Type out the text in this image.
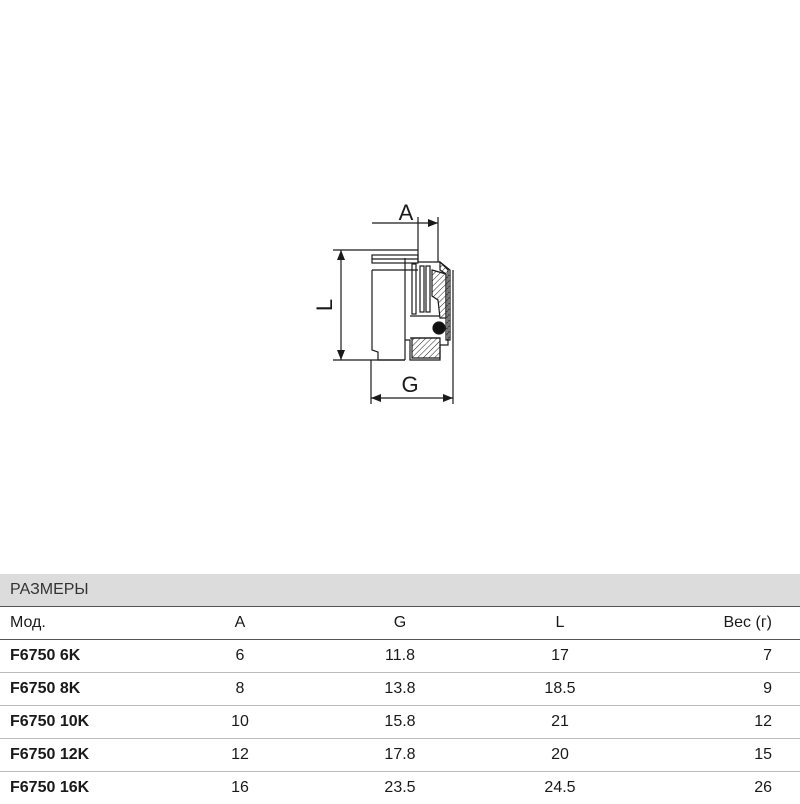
A
L
G
РАЗМЕРЫ				
Мод.	A	G	L	Вес (г)
F6750 6K	6	11.8	17	7
F6750 8K	8	13.8	18.5	9
F6750 10K	10	15.8	21	12
F6750 12K	12	17.8	20	15
F6750 16K	16	23.5	24.5	26
